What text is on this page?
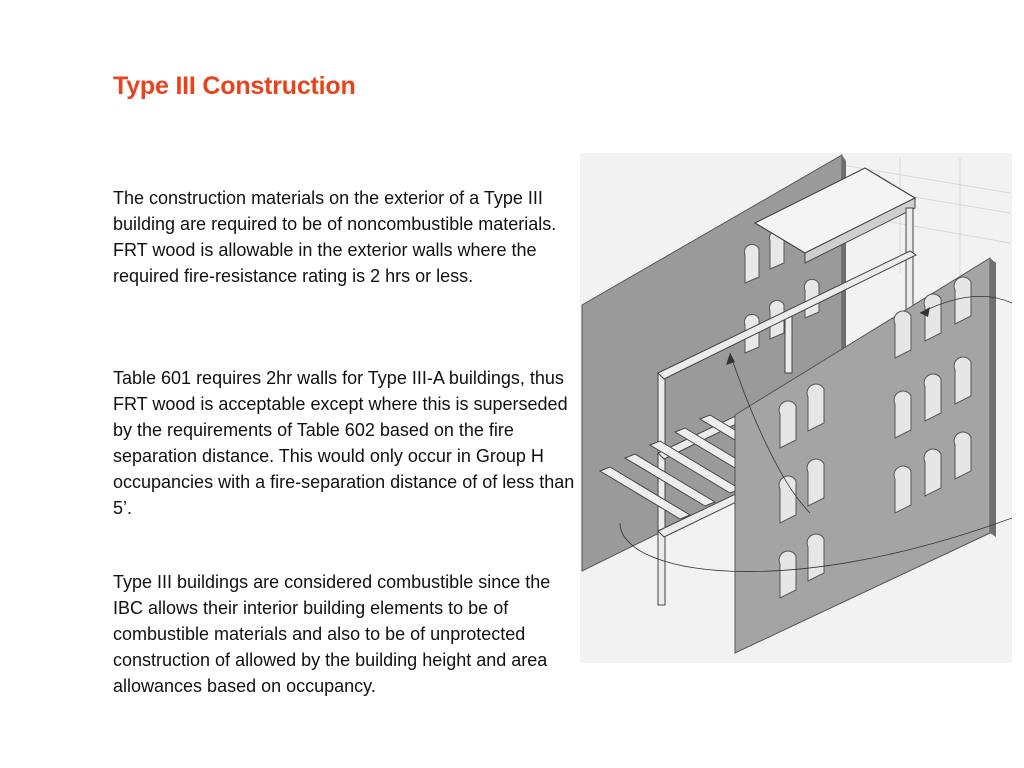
Type III Construction

The construction materials on the exterior of a Type III building are required to be of noncombustible materials. FRT wood is allowable in the exterior walls where the required fire-resistance rating is 2 hrs or less.

Table 601 requires 2hr walls for Type III-A buildings, thus FRT wood is acceptable except where this is superseded by the requirements of Table 602 based on the fire separation distance. This would only occur in Group H occupancies with a fire-separation distance of of less than 5’.

Type III buildings are considered combustible since the IBC allows their interior building elements to be of combustible materials and also to be of unprotected construction of allowed by the building height and area allowances based on occupancy.
